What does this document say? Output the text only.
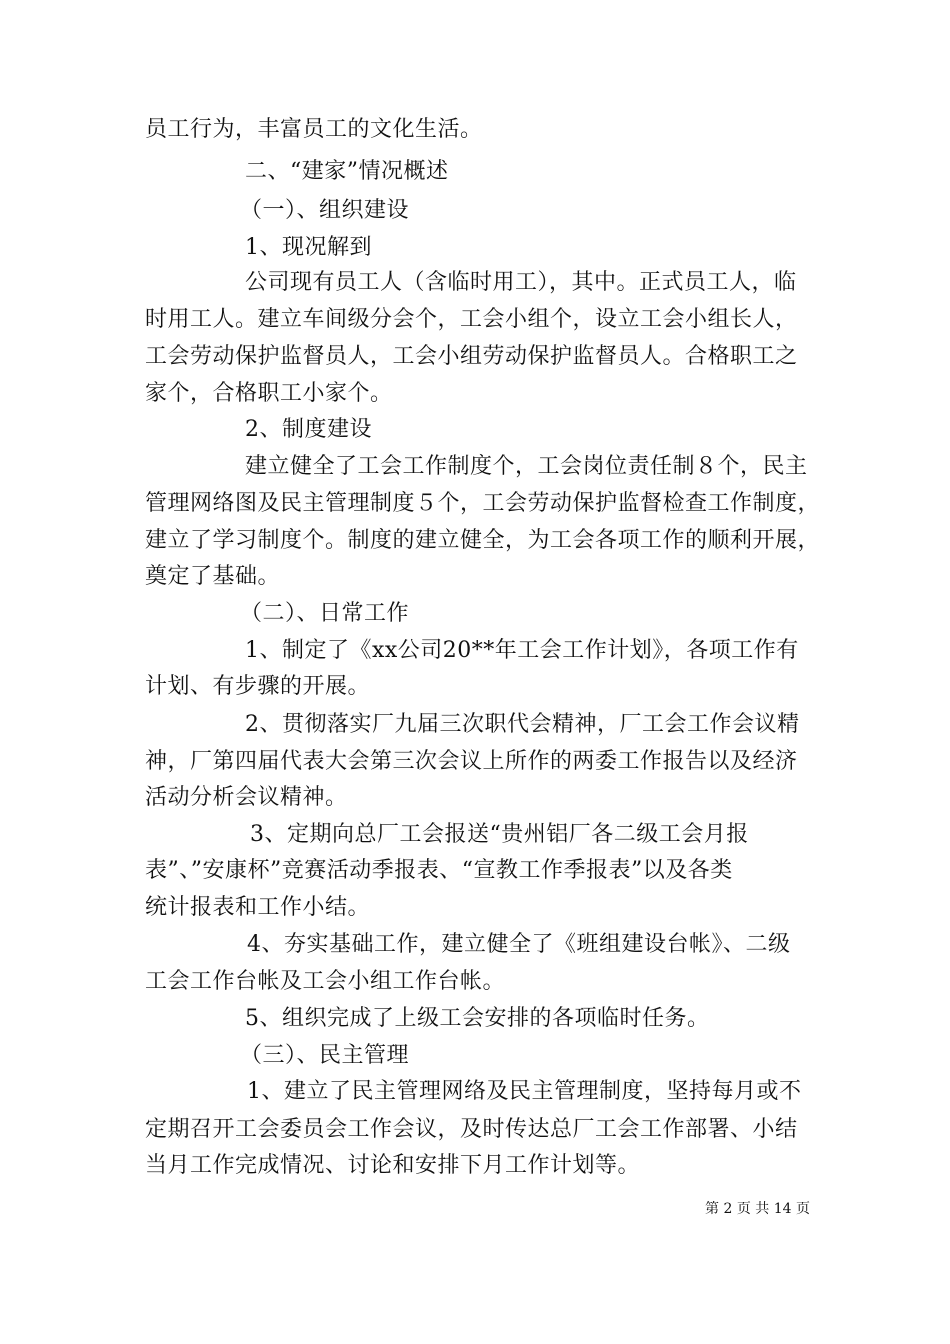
员工行为，丰富员工的文化生活。
二、“建家”情况概述
（一）、组织建设
1、现况解到
公司现有员工人（含临时用工），其中。正式员工人，临
时用工人。建立车间级分会个，工会小组个，设立工会小组长人，
工会劳动保护监督员人，工会小组劳动保护监督员人。合格职工之
家个，合格职工小家个。
2、制度建设
建立健全了工会工作制度个，工会岗位责任制８个，民主
管理网络图及民主管理制度５个，工会劳动保护监督检查工作制度，
建立了学习制度个。制度的建立健全，为工会各项工作的顺利开展，
奠定了基础。
（二）、日常工作
1、制定了《xx公司20**年工会工作计划》，各项工作有
计划、有步骤的开展。
2、贯彻落实厂九届三次职代会精神，厂工会工作会议精
神，厂第四届代表大会第三次会议上所作的两委工作报告以及经济
活动分析会议精神。
3、定期向总厂工会报送“贵州铝厂各二级工会月报
表”、”安康杯”竞赛活动季报表、“宣教工作季报表”以及各类
统计报表和工作小结。
4、夯实基础工作，建立健全了《班组建设台帐》、二级
工会工作台帐及工会小组工作台帐。
5、组织完成了上级工会安排的各项临时任务。
（三）、民主管理
1、建立了民主管理网络及民主管理制度，坚持每月或不
定期召开工会委员会工作会议，及时传达总厂工会工作部署、小结
当月工作完成情况、讨论和安排下月工作计划等。
第 2 页 共 14 页
